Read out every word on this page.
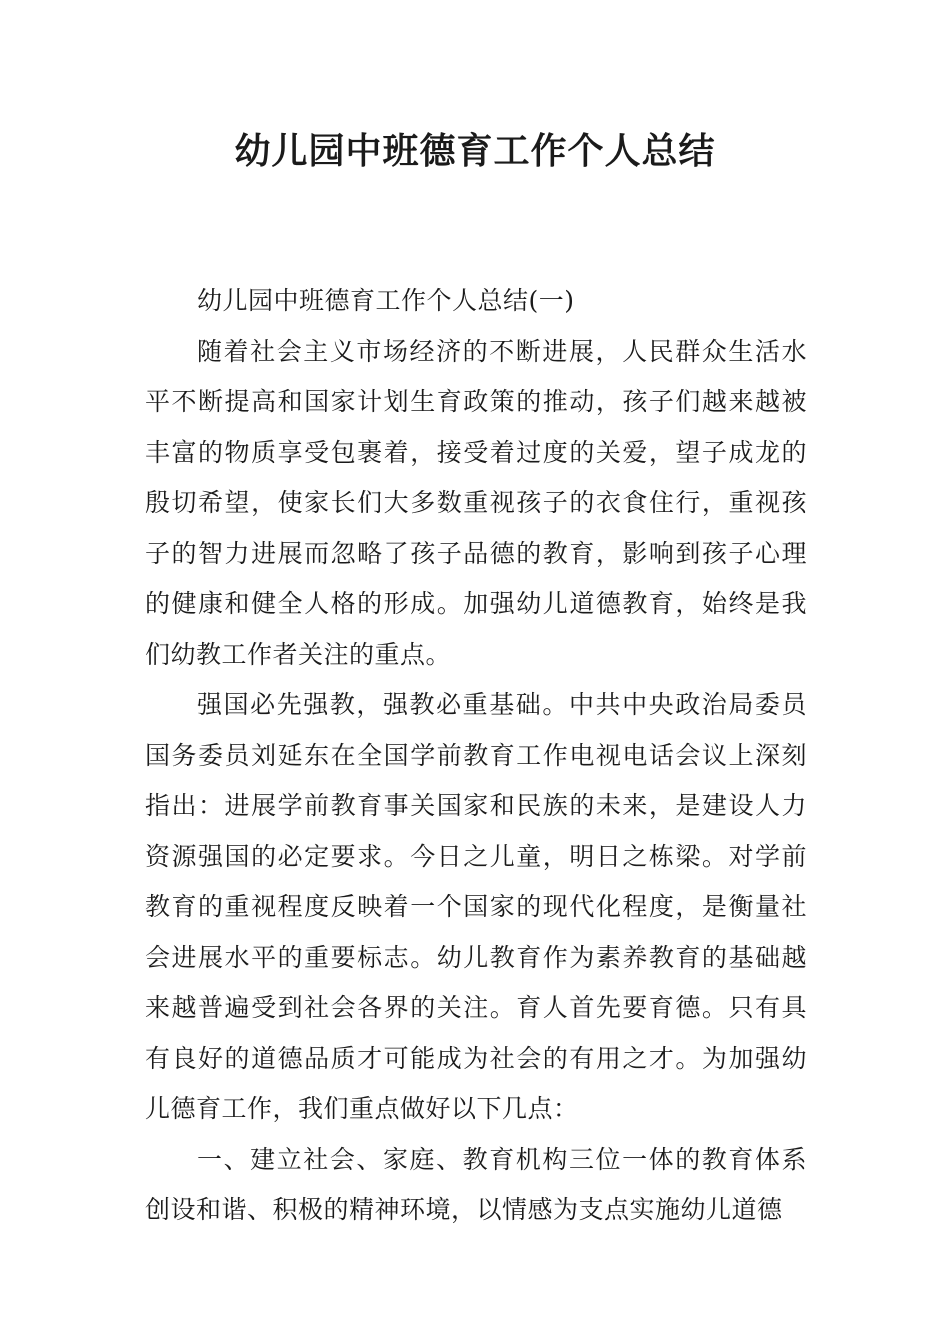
幼儿园中班德育工作个人总结

幼儿园中班德育工作个人总结(一)

随着社会主义市场经济的不断进展，人民群众生活水平不断提高和国家计划生育政策的推动，孩子们越来越被丰富的物质享受包裹着，接受着过度的关爱，望子成龙的殷切希望，使家长们大多数重视孩子的衣食住行，重视孩子的智力进展而忽略了孩子品德的教育，影响到孩子心理的健康和健全人格的形成。加强幼儿道德教育，始终是我们幼教工作者关注的重点。

强国必先强教，强教必重基础。中共中央政治局委员国务委员刘延东在全国学前教育工作电视电话会议上深刻指出：进展学前教育事关国家和民族的未来，是建设人力资源强国的必定要求。今日之儿童，明日之栋梁。对学前教育的重视程度反映着一个国家的现代化程度，是衡量社会进展水平的重要标志。幼儿教育作为素养教育的基础越来越普遍受到社会各界的关注。育人首先要育德。只有具有良好的道德品质才可能成为社会的有用之才。为加强幼儿德育工作，我们重点做好以下几点：

一、建立社会、家庭、教育机构三位一体的教育体系创设和谐、积极的精神环境，以情感为支点实施幼儿道德
